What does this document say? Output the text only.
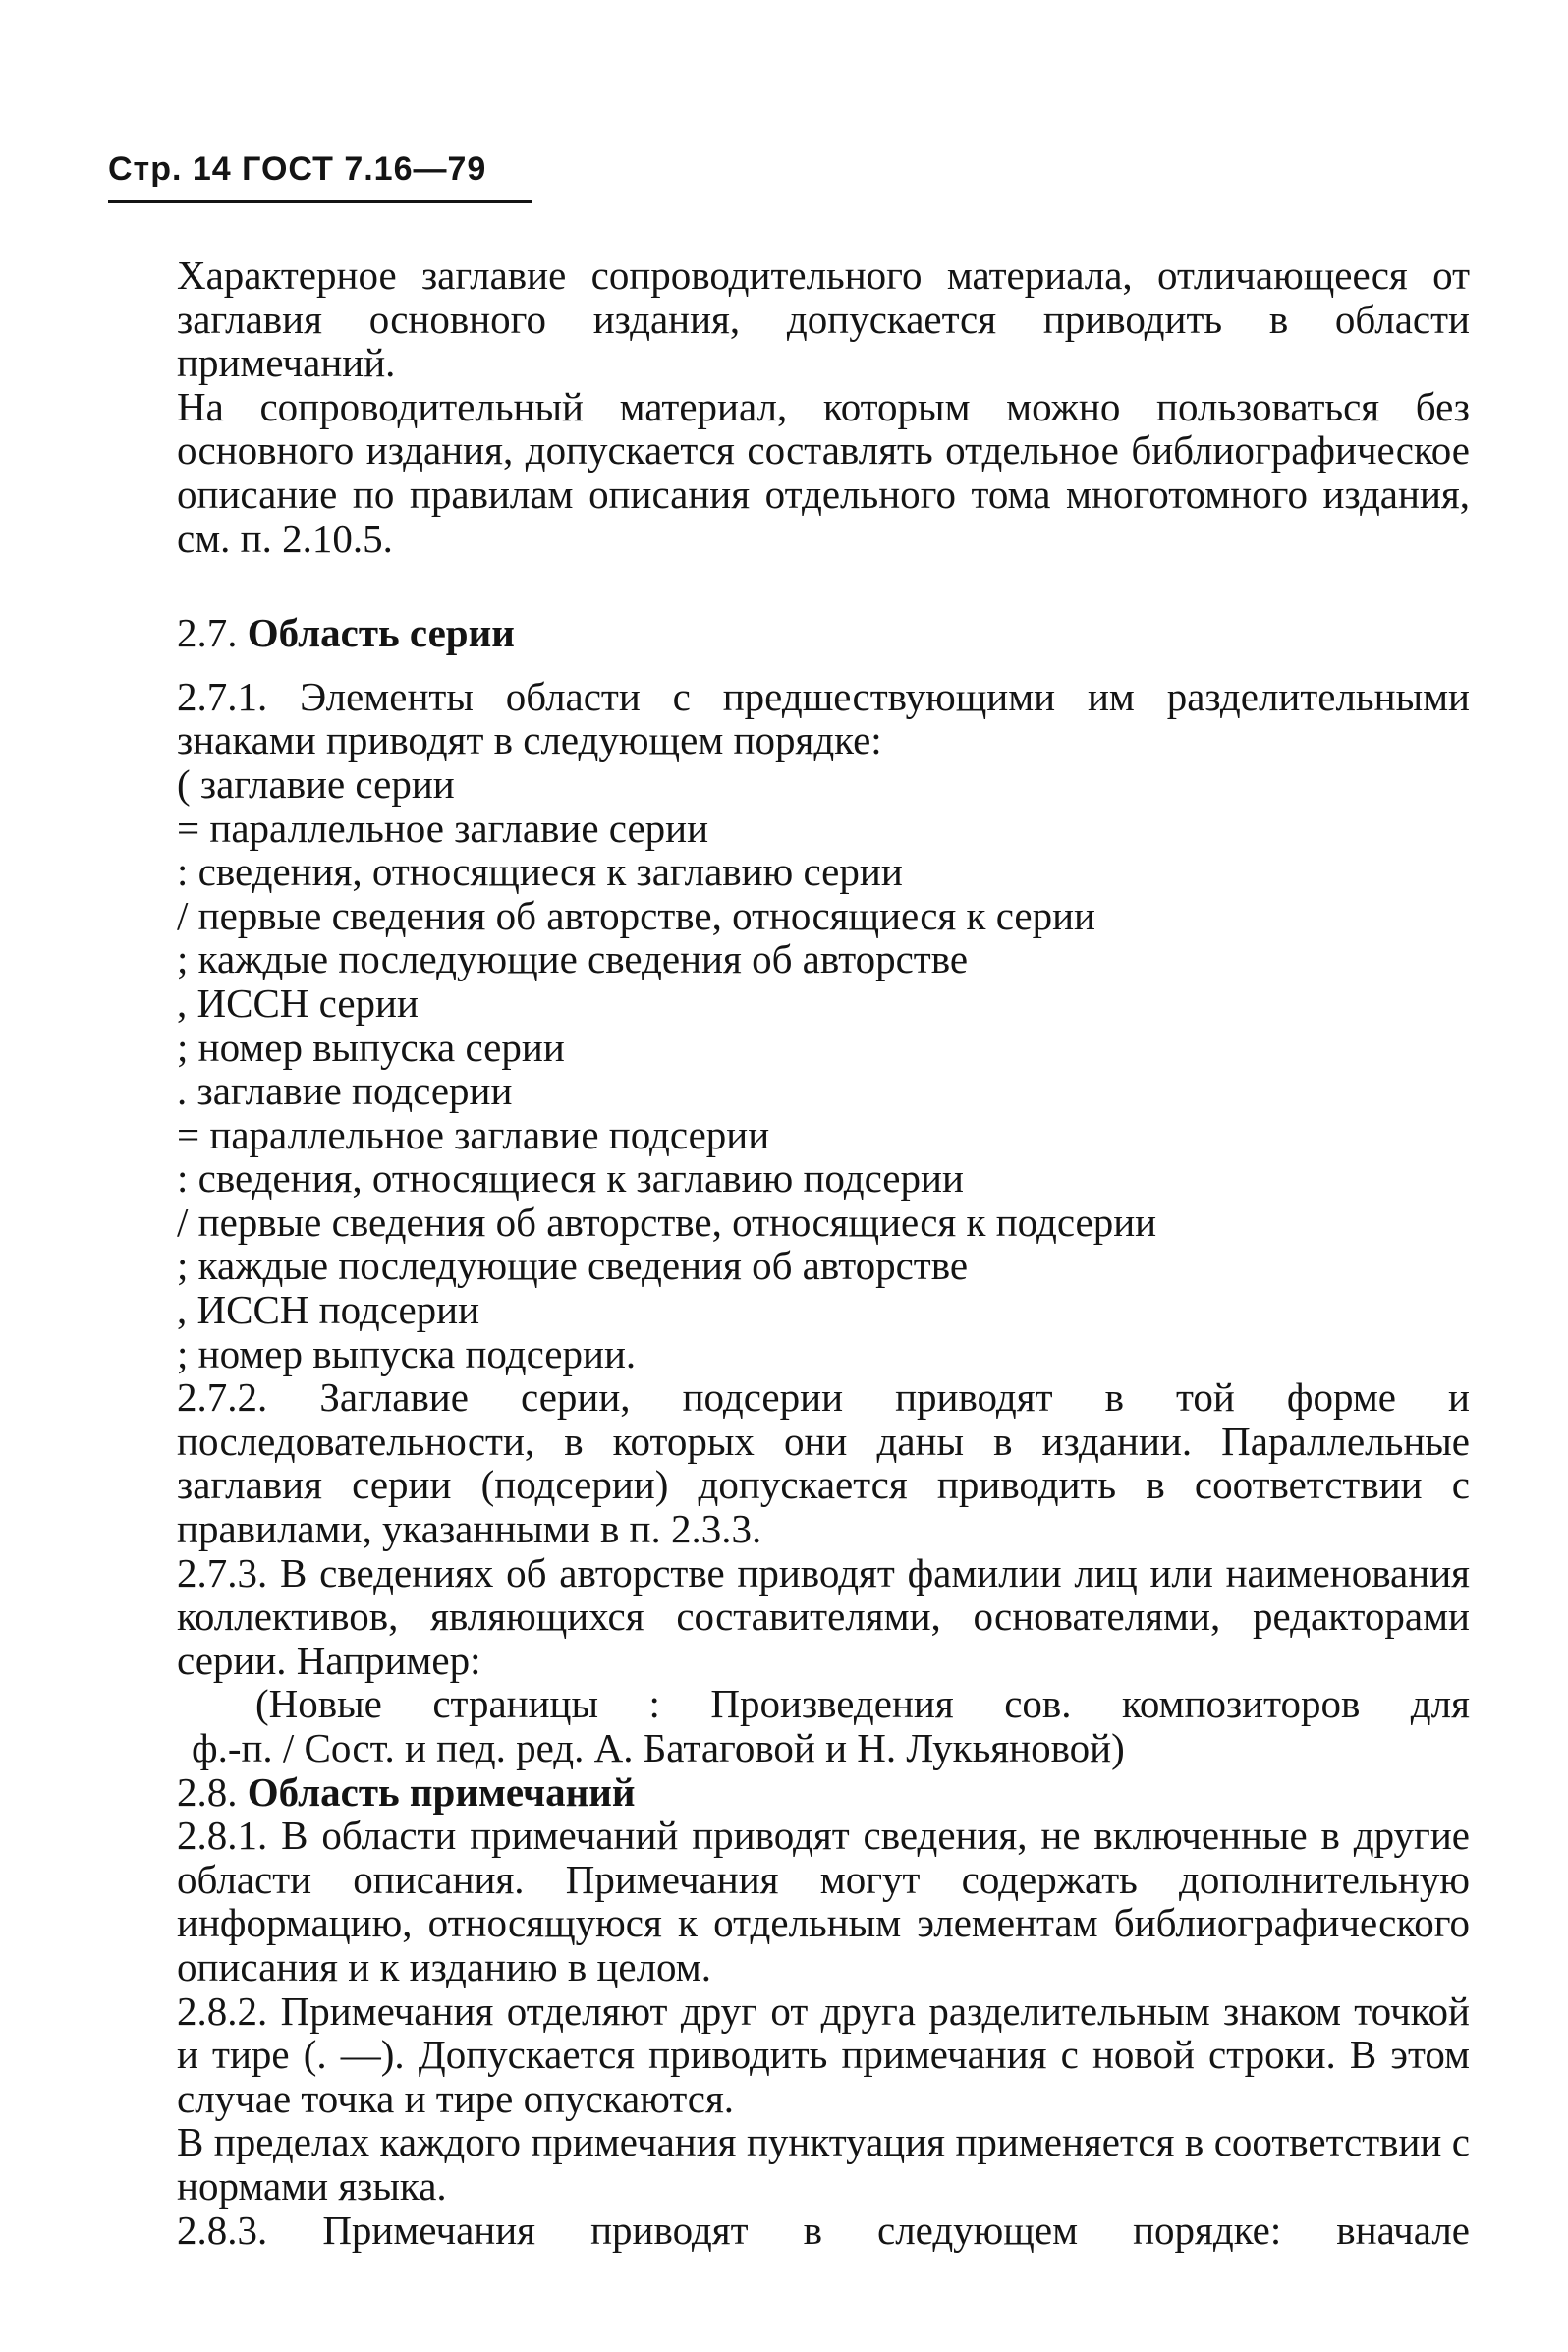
Стр. 14 ГОСТ 7.16—79

Характерное заглавие сопроводительного материала, отличающееся от заглавия основного издания, допускается приводить в области примечаний.

На сопроводительный материал, которым можно пользоваться без основного издания, допускается составлять отдельное библиографическое описание по правилам описания отдельного тома многотомного издания, см. п. 2.10.5.

2.7. Область серии

2.7.1. Элементы области с предшествующими им разделительными знаками приводят в следующем порядке:

( заглавие серии
= параллельное заглавие серии
: сведения, относящиеся к заглавию серии
/ первые сведения об авторстве, относящиеся к серии
; каждые последующие сведения об авторстве
, ИССН серии
; номер выпуска серии
. заглавие подсерии
= параллельное заглавие подсерии
: сведения, относящиеся к заглавию подсерии
/ первые сведения об авторстве, относящиеся к подсерии
; каждые последующие сведения об авторстве
, ИССН подсерии
; номер выпуска подсерии.

2.7.2. Заглавие серии, подсерии приводят в той форме и последовательности, в которых они даны в издании. Параллельные заглавия серии (подсерии) допускается приводить в соответствии с правилами, указанными в п. 2.3.3.

2.7.3. В сведениях об авторстве приводят фамилии лиц или наименования коллективов, являющихся составителями, основателями, редакторами серии. Например:

(Новые страницы : Произведения сов. композиторов для
ф.-п. / Сост. и пед. ред. А. Батаговой и Н. Лукьяновой)

2.8. Область примечаний

2.8.1. В области примечаний приводят сведения, не включенные в другие области описания. Примечания могут содержать дополнительную информацию, относящуюся к отдельным элементам библиографического описания и к изданию в целом.

2.8.2. Примечания отделяют друг от друга разделительным знаком точкой и тире (. —). Допускается приводить примечания с новой строки. В этом случае точка и тире опускаются.

В пределах каждого примечания пунктуация применяется в соответствии с нормами языка.

2.8.3. Примечания приводят в следующем порядке: вначале
